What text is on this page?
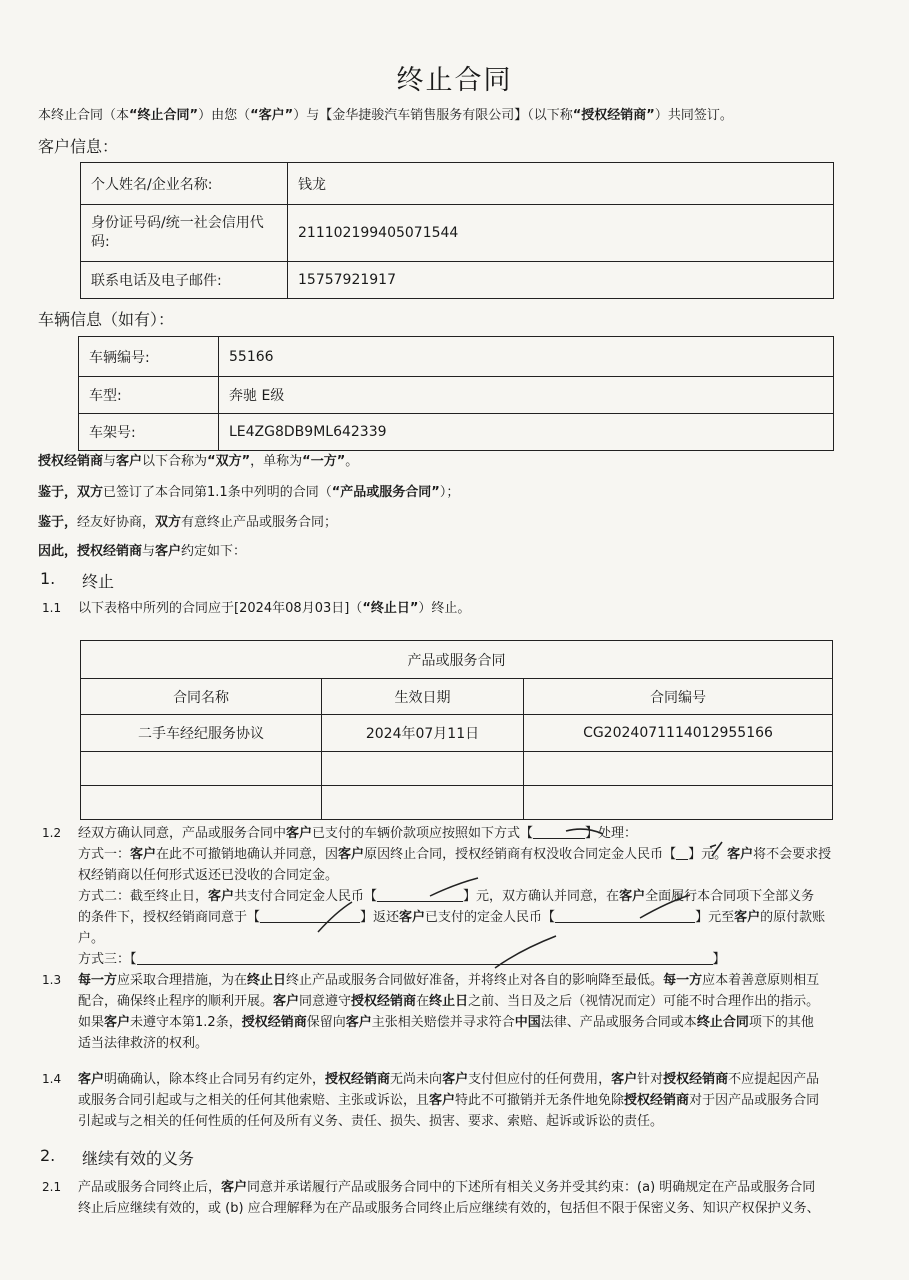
终止合同
本终止合同（本“终止合同”）由您（“客户”）与【金华捷骏汽车销售服务有限公司】（以下称“授权经销商”）共同签订。
客户信息：
个人姓名/企业名称:	钱龙
身份证号码/统一社会信用代码:	211102199405071544
联系电话及电子邮件:	15757921917
车辆信息（如有）：
车辆编号:	55166
车型:	奔驰 E级
车架号:	LE4ZG8DB9ML642339
授权经销商与客户以下合称为“双方”，单称为“一方”。
鉴于，双方已签订了本合同第1.1条中列明的合同（“产品或服务合同”）；
鉴于，经友好协商，双方有意终止产品或服务合同；
因此，授权经销商与客户约定如下：
1. 终止
1.1 以下表格中所列的合同应于[2024年08月03日]（“终止日”）终止。
产品或服务合同		
合同名称	生效日期	合同编号
二手车经纪服务协议	2024年07月11日	CG2024071114012955166

1.2 经双方确认同意，产品或服务合同中客户已支付的车辆价款项应按照如下方式【	】处理：
方式一：客户在此不可撤销地确认并同意，因客户原因终止合同，授权经销商有权没收合同定金人民币【 】元。客户将不会要求授
权经销商以任何形式返还已没收的合同定金。
方式二：截至终止日，客户共支付合同定金人民币【	】元，双方确认并同意，在客户全面履行本合同项下全部义务
的条件下，授权经销商同意于【	】返还客户已支付的定金人民币【	】元至客户的原付款账
户。
方式三：【	】
1.3 每一方应采取合理措施，为在终止日终止产品或服务合同做好准备，并将终止对各自的影响降至最低。每一方应本着善意原则相互
配合，确保终止程序的顺利开展。客户同意遵守授权经销商在终止日之前、当日及之后（视情况而定）可能不时合理作出的指示。
如果客户未遵守本第1.2条，授权经销商保留向客户主张相关赔偿并寻求符合中国法律、产品或服务合同或本终止合同项下的其他
适当法律救济的权利。
1.4 客户明确确认，除本终止合同另有约定外，授权经销商无尚未向客户支付但应付的任何费用，客户针对授权经销商不应提起因产品
或服务合同引起或与之相关的任何其他索赔、主张或诉讼，且客户特此不可撤销并无条件地免除授权经销商对于因产品或服务合同
引起或与之相关的任何性质的任何及所有义务、责任、损失、损害、要求、索赔、起诉或诉讼的责任。
2. 继续有效的义务
2.1 产品或服务合同终止后，客户同意并承诺履行产品或服务合同中的下述所有相关义务并受其约束：(a) 明确规定在产品或服务合同
终止后应继续有效的，或 (b) 应合理解释为在产品或服务合同终止后应继续有效的，包括但不限于保密义务、知识产权保护义务、
